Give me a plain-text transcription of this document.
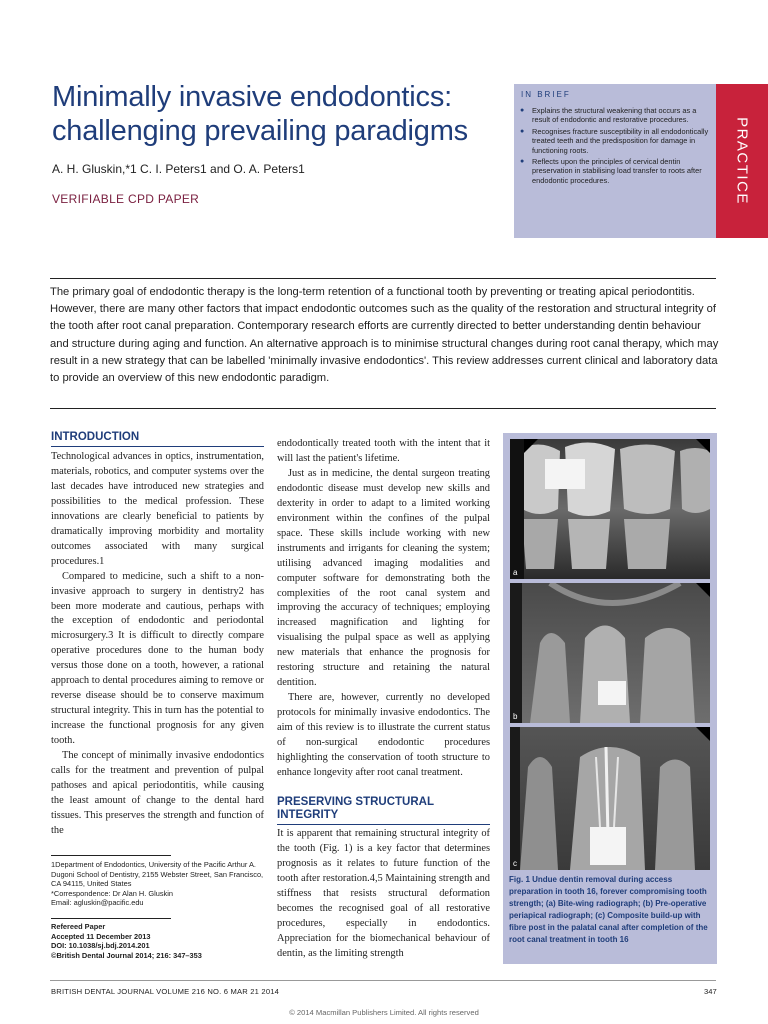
Minimally invasive endodontics: challenging prevailing paradigms
A. H. Gluskin,*1 C. I. Peters1 and O. A. Peters1
VERIFIABLE CPD PAPER
IN BRIEF
● Explains the structural weakening that occurs as a result of endodontic and restorative procedures.
● Recognises fracture susceptibility in all endodontically treated teeth and the predisposition for damage in functioning roots.
● Reflects upon the principles of cervical dentin preservation in stabilising load transfer to roots after endodontic procedures.	PRACTICE
The primary goal of endodontic therapy is the long-term retention of a functional tooth by preventing or treating apical periodontitis. However, there are many other factors that impact endodontic outcomes such as the quality of the restoration and structural integrity of the tooth after root canal preparation. Contemporary research efforts are currently directed to better understanding dentin behaviour and structure during aging and function. An alternative approach is to minimise structural changes during root canal therapy, which may result in a new strategy that can be labelled 'minimally invasive endodontics'. This review addresses current clinical and laboratory data to provide an overview of this new endodontic paradigm.
INTRODUCTION

Technological advances in optics, instrumentation, materials, robotics, and computer systems over the last decades have introduced new strategies and possibilities to the medical profession. These innovations are clearly beneficial to patients by dramatically improving morbidity and mortality outcomes associated with many surgical procedures.1

Compared to medicine, such a shift to a non-invasive approach to surgery in dentistry2 has been more moderate and cautious, perhaps with the exception of endodontic and periodontal microsurgery.3 It is difficult to directly compare operative procedures done to the human body versus those done on a tooth, however, a rational approach to dental procedures aiming to remove or reverse disease should be to conserve maximum structural integrity. This in turn has the potential to increase the functional prognosis for any given tooth.

The concept of minimally invasive endodontics calls for the treatment and prevention of pulpal pathoses and apical periodontitis, while causing the least amount of change to the dental hard tissues. This preserves the strength and function of the

endodontically treated tooth with the intent that it will last the patient's lifetime.

Just as in medicine, the dental surgeon treating endodontic disease must develop new skills and dexterity in order to adapt to a limited working environment within the confines of the pulpal space. These skills include working with new instruments and irrigants for cleaning the system; utilising advanced imaging modalities and computer software for demonstrating both the complexities of the root canal system and improving the accuracy of techniques; employing increased magnification and lighting for visualising the pulpal space as well as applying new materials that enhance the prognosis for restoring structure and retaining the natural dentition.

There are, however, currently no developed protocols for minimally invasive endodontics. The aim of this review is to illustrate the current status of non-surgical endodontic procedures highlighting the conservation of tooth structure to enhance longevity after root canal treatment.

PRESERVING STRUCTURAL INTEGRITY

It is apparent that remaining structural integrity of the tooth (Fig. 1) is a key factor that determines prognosis as it relates to future function of the tooth after restoration.4,5 Maintaining strength and stiffness that resists structural deformation becomes the recognised goal of all restorative procedures, especially in endodontics. Appreciation for the biomechanical behaviour of dentin, as the limiting strength

a
b
c
Fig. 1 Undue dentin removal during access preparation in tooth 16, forever compromising tooth strength; (a) Bite-wing radiograph; (b) Pre-operative periapical radiograph; (c) Composite build-up with fibre post in the palatal canal after completion of the root canal treatment in tooth 16
1Department of Endodontics, University of the Pacific Arthur A. Dugoni School of Dentistry, 2155 Webster Street, San Francisco, CA 94115, United States
*Correspondence: Dr Alan H. Gluskin
Email: agluskin@pacific.edu
Refereed Paper
Accepted 11 December 2013
DOI: 10.1038/sj.bdj.2014.201
©British Dental Journal 2014; 216: 347–353
BRITISH DENTAL JOURNAL VOLUME 216 NO. 6 MAR 21 2014	347
© 2014 Macmillan Publishers Limited. All rights reserved
